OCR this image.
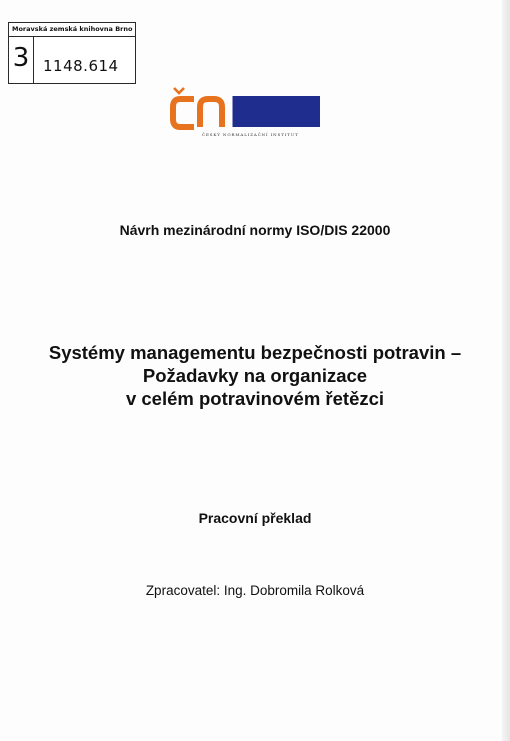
Moravská zemská knihovna Brno
3 1148.614
ČESKÝ NORMALIZAČNÍ INSTITUT
Návrh mezinárodní normy ISO/DIS 22000
Systémy managementu bezpečnosti potravin –
Požadavky na organizace
v celém potravinovém řetězci
Pracovní překlad
Zpracovatel: Ing. Dobromila Rolková
